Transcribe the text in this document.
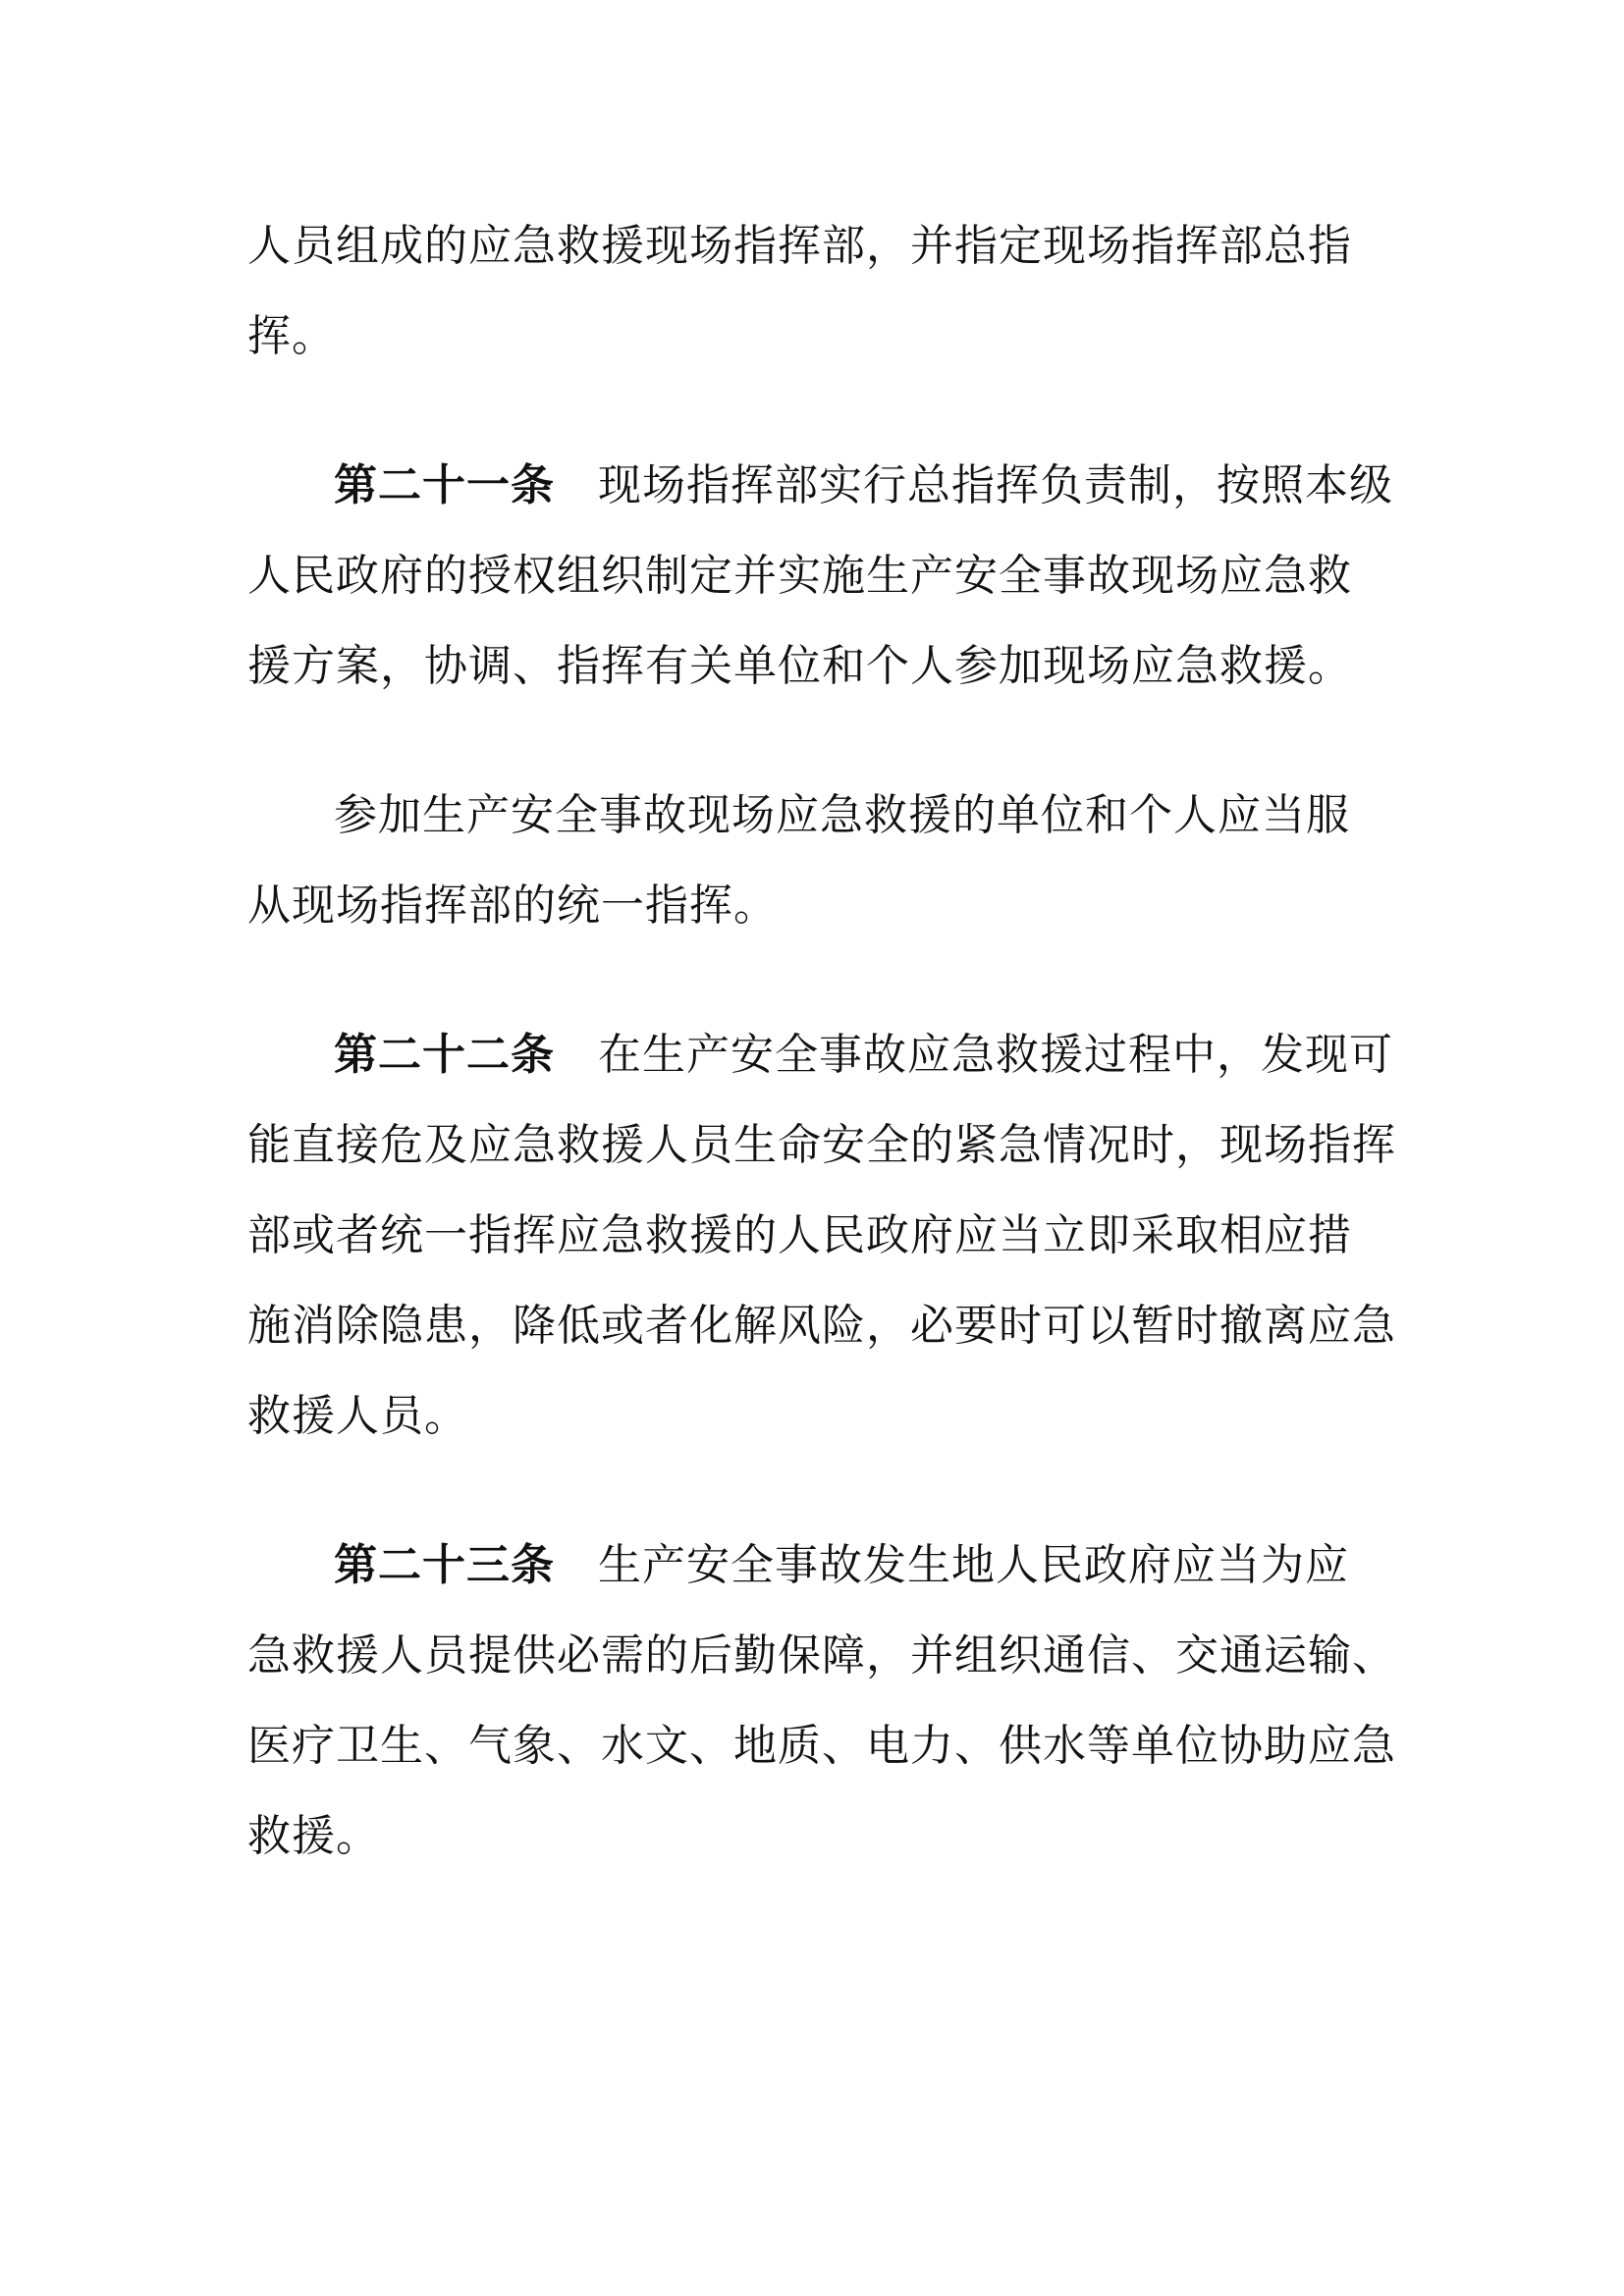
人员组成的应急救援现场指挥部，并指定现场指挥部总指
挥。
第二十一条 现场指挥部实行总指挥负责制，按照本级
人民政府的授权组织制定并实施生产安全事故现场应急救
援方案，协调、指挥有关单位和个人参加现场应急救援。
参加生产安全事故现场应急救援的单位和个人应当服
从现场指挥部的统一指挥。
第二十二条 在生产安全事故应急救援过程中，发现可
能直接危及应急救援人员生命安全的紧急情况时，现场指挥
部或者统一指挥应急救援的人民政府应当立即采取相应措
施消除隐患，降低或者化解风险，必要时可以暂时撤离应急
救援人员。
第二十三条 生产安全事故发生地人民政府应当为应
急救援人员提供必需的后勤保障，并组织通信、交通运输、
医疗卫生、气象、水文、地质、电力、供水等单位协助应急
救援。
